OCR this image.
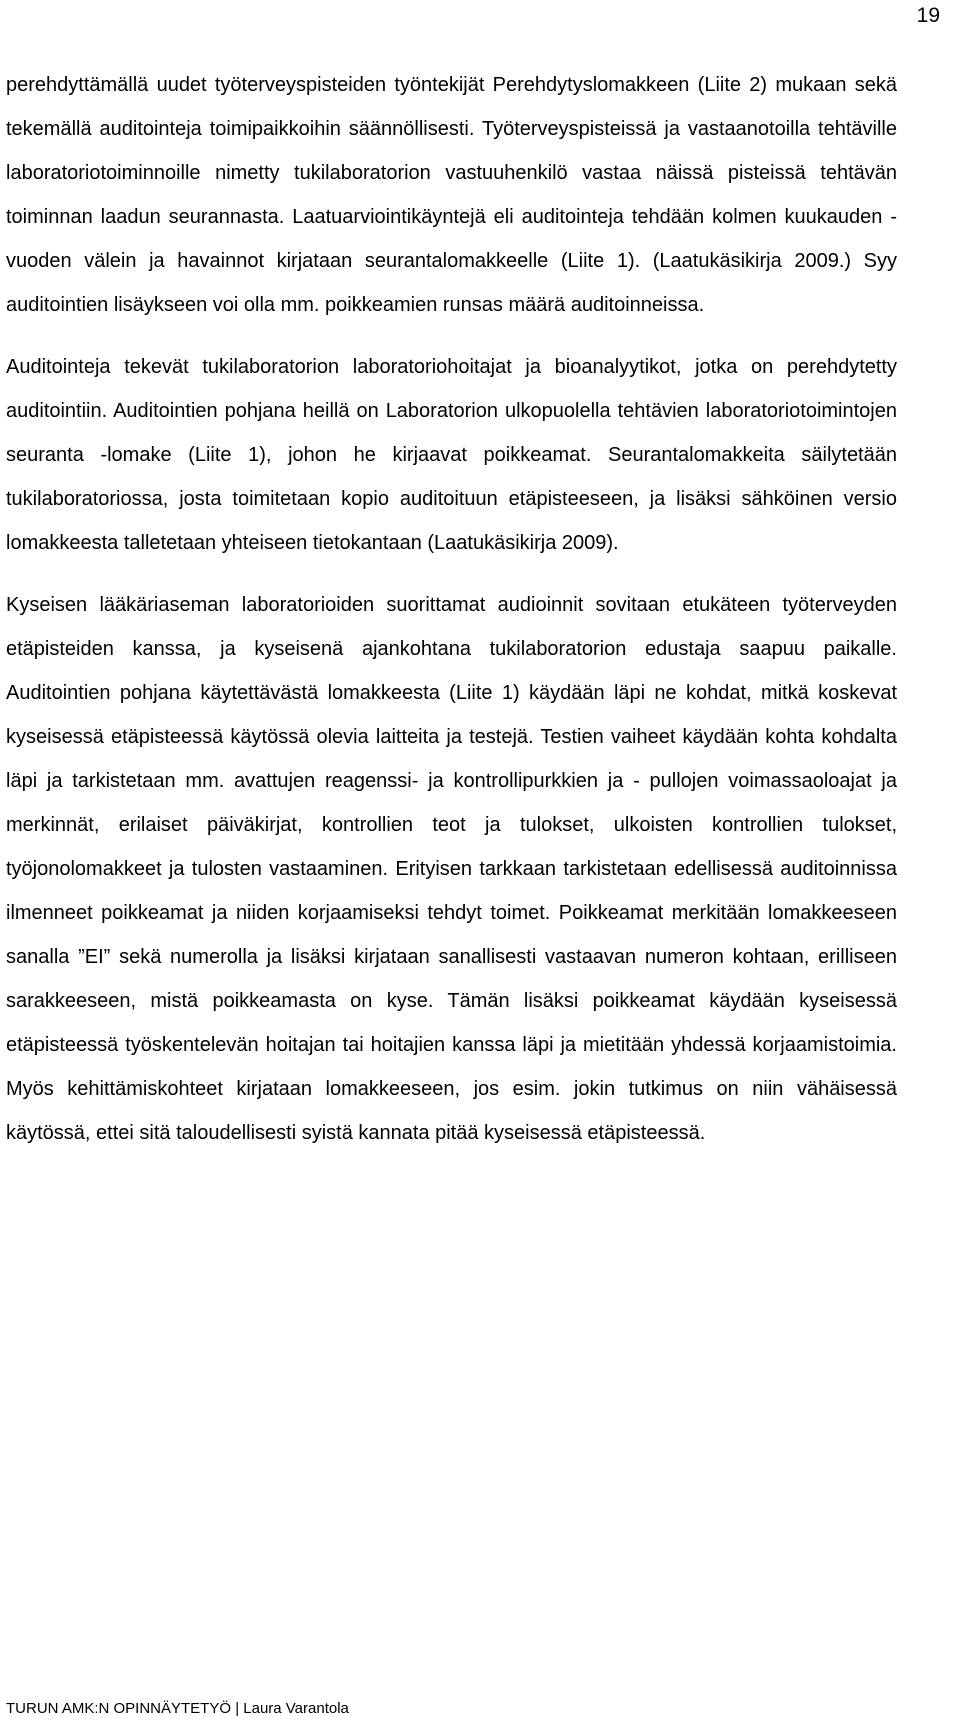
19

perehdyttämällä uudet työterveyspisteiden työntekijät Perehdytyslomakkeen (Liite 2) mukaan sekä tekemällä auditointeja toimipaikkoihin säännöllisesti. Työterveyspisteissä ja vastaanotoilla tehtäville laboratoriotoiminnoille nimetty tukilaboratorion vastuuhenkilö vastaa näissä pisteissä tehtävän toiminnan laadun seurannasta. Laatuarviointikäyntejä eli auditointeja tehdään kolmen kuukauden - vuoden välein ja havainnot kirjataan seurantalomakkeelle (Liite 1). (Laatukäsikirja 2009.) Syy auditointien lisäykseen voi olla mm. poikkeamien runsas määrä auditoinneissa.

Auditointeja tekevät tukilaboratorion laboratoriohoitajat ja bioanalyytikot, jotka on perehdytetty auditointiin. Auditointien pohjana heillä on Laboratorion ulkopuolella tehtävien laboratoriotoimintojen seuranta -lomake (Liite 1), johon he kirjaavat poikkeamat. Seurantalomakkeita säilytetään tukilaboratoriossa, josta toimitetaan kopio auditoituun etäpisteeseen, ja lisäksi sähköinen versio lomakkeesta talletetaan yhteiseen tietokantaan (Laatukäsikirja 2009).

Kyseisen lääkäriaseman laboratorioiden suorittamat audioinnit sovitaan etukäteen työterveyden etäpisteiden kanssa, ja kyseisenä ajankohtana tukilaboratorion edustaja saapuu paikalle. Auditointien pohjana käytettävästä lomakkeesta (Liite 1) käydään läpi ne kohdat, mitkä koskevat kyseisessä etäpisteessä käytössä olevia laitteita ja testejä. Testien vaiheet käydään kohta kohdalta läpi ja tarkistetaan mm. avattujen reagenssi- ja kontrollipurkkien ja - pullojen voimassaoloajat ja merkinnät, erilaiset päiväkirjat, kontrollien teot ja tulokset, ulkoisten kontrollien tulokset, työjonolomakkeet ja tulosten vastaaminen. Erityisen tarkkaan tarkistetaan edellisessä auditoinnissa ilmenneet poikkeamat ja niiden korjaamiseksi tehdyt toimet. Poikkeamat merkitään lomakkeeseen sanalla ”EI” sekä numerolla ja lisäksi kirjataan sanallisesti vastaavan numeron kohtaan, erilliseen sarakkeeseen, mistä poikkeamasta on kyse. Tämän lisäksi poikkeamat käydään kyseisessä etäpisteessä työskentelevän hoitajan tai hoitajien kanssa läpi ja mietitään yhdessä korjaamistoimia. Myös kehittämiskohteet kirjataan lomakkeeseen, jos esim. jokin tutkimus on niin vähäisessä käytössä, ettei sitä taloudellisesti syistä kannata pitää kyseisessä etäpisteessä.

TURUN AMK:N OPINNÄYTETYÖ | Laura Varantola
